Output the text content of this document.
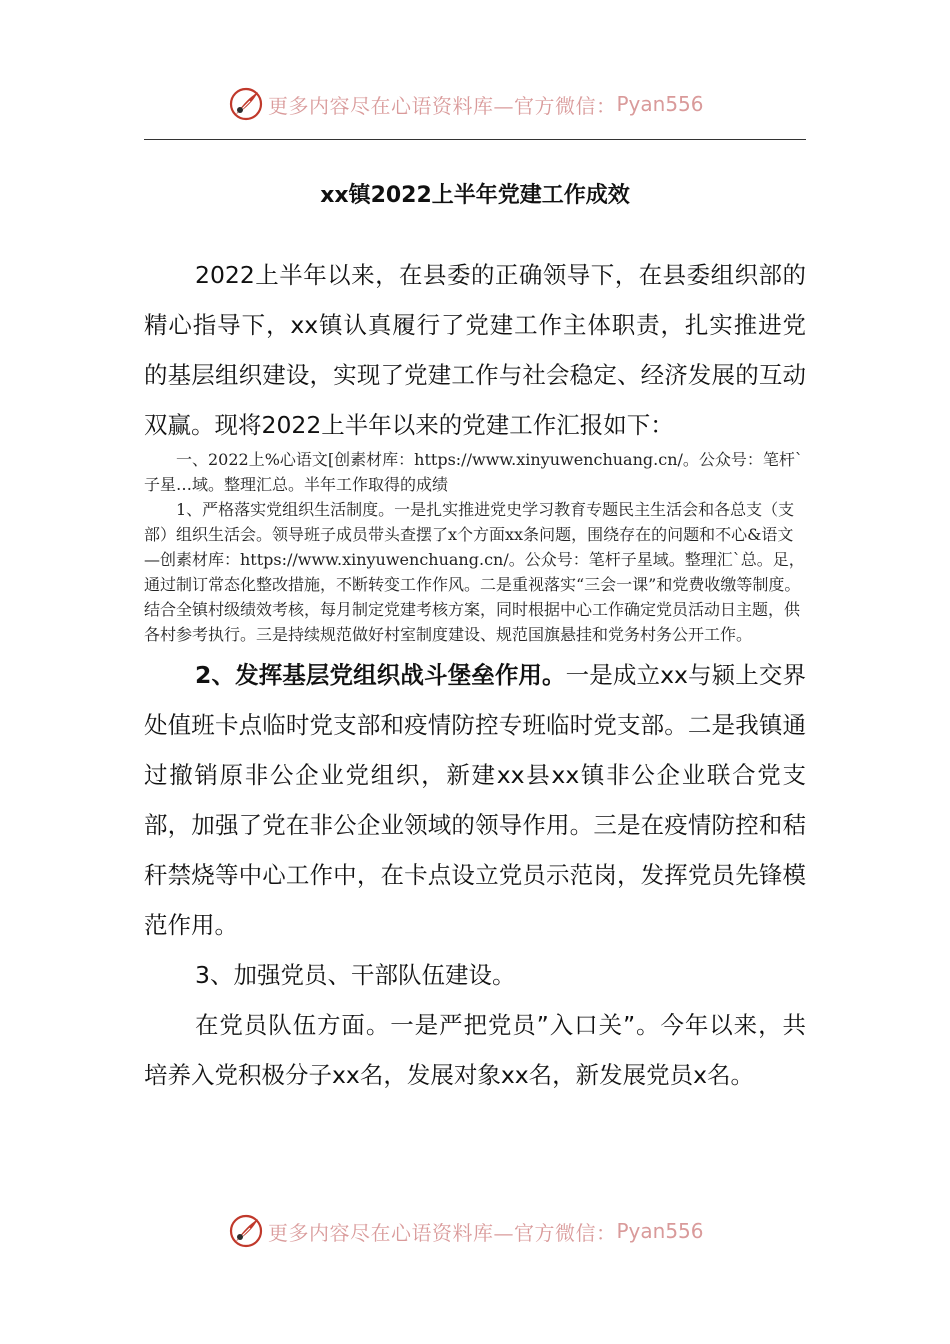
更多内容尽在心语资料库—官方微信： Pyan556
xx镇2022上半年党建工作成效

2022上半年以来，在县委的正确领导下，在县委组织部的精心指导下，xx镇认真履行了党建工作主体职责，扎实推进党的基层组织建设，实现了党建工作与社会稳定、经济发展的互动双赢。现将2022上半年以来的党建工作汇报如下：

一、2022上%心语文[创素材库：https://www.xinyuwenchuang.cn/。公众号：笔杆`子星…域。整理汇总。半年工作取得的成绩

1、严格落实党组织生活制度。一是扎实推进党史学习教育专题民主生活会和各总支（支部）组织生活会。领导班子成员带头查摆了x个方面xx条问题，围绕存在的问题和不心&语文—创素材库：https://www.xinyuwenchuang.cn/。公众号：笔杆子星域。整理汇`总。足，通过制订常态化整改措施，不断转变工作作风。二是重视落实“三会一课”和党费收缴等制度。结合全镇村级绩效考核，每月制定党建考核方案，同时根据中心工作确定党员活动日主题，供各村参考执行。三是持续规范做好村室制度建设、规范国旗悬挂和党务村务公开工作。

2、发挥基层党组织战斗堡垒作用。一是成立xx与颍上交界处值班卡点临时党支部和疫情防控专班临时党支部。二是我镇通过撤销原非公企业党组织，新建xx县xx镇非公企业联合党支部，加强了党在非公企业领域的领导作用。三是在疫情防控和秸秆禁烧等中心工作中，在卡点设立党员示范岗，发挥党员先锋模范作用。

3、加强党员、干部队伍建设。

在党员队伍方面。一是严把党员”入口关”。今年以来，共培养入党积极分子xx名，发展对象xx名，新发展党员x名。

更多内容尽在心语资料库—官方微信： Pyan556
